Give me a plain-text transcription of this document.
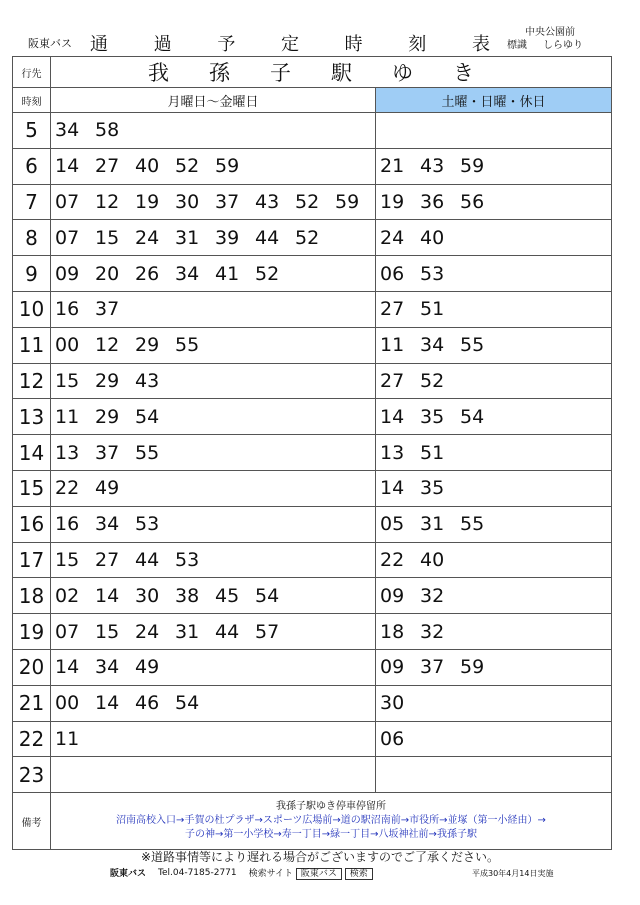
阪東バス 通	過	予	定	時	刻	表
中央公園前
標識 しらゆり
行先	我孫子駅ゆき	
時刻	月曜日～金曜日	土曜・日曜・休日
5	34 58	
6	14 27 40 52 59	21 43 59
7	07 12 19 30 37 43 52 59	19 36 56
8	07 15 24 31 39 44 52	24 40
9	09 20 26 34 41 52	06 53
10	16 37	27 51
11	00 12 29 55	11 34 55
12	15 29 43	27 52
13	11 29 54	14 35 54
14	13 37 55	13 51
15	22 49	14 35
16	16 34 53	05 31 55
17	15 27 44 53	22 40
18	02 14 30 38 45 54	09 32
19	07 15 24 31 44 57	18 32
20	14 34 49	09 37 59
21	00 14 46 54	30
22	11	06
23		
備考	我孫子駅ゆき停車停留所
沼南高校入口→手賀の杜プラザ→スポーツ広場前→道の駅沼南前→市役所→並塚（第一小経由）→
子の神→第一小学校→寿一丁目→緑一丁目→八坂神社前→我孫子駅	
※道路事情等により遅れる場合がございますのでご了承ください。
阪東バス Tel.04-7185-2771 検索サイト 阪東バス 検索	平成30年4月14日実施
